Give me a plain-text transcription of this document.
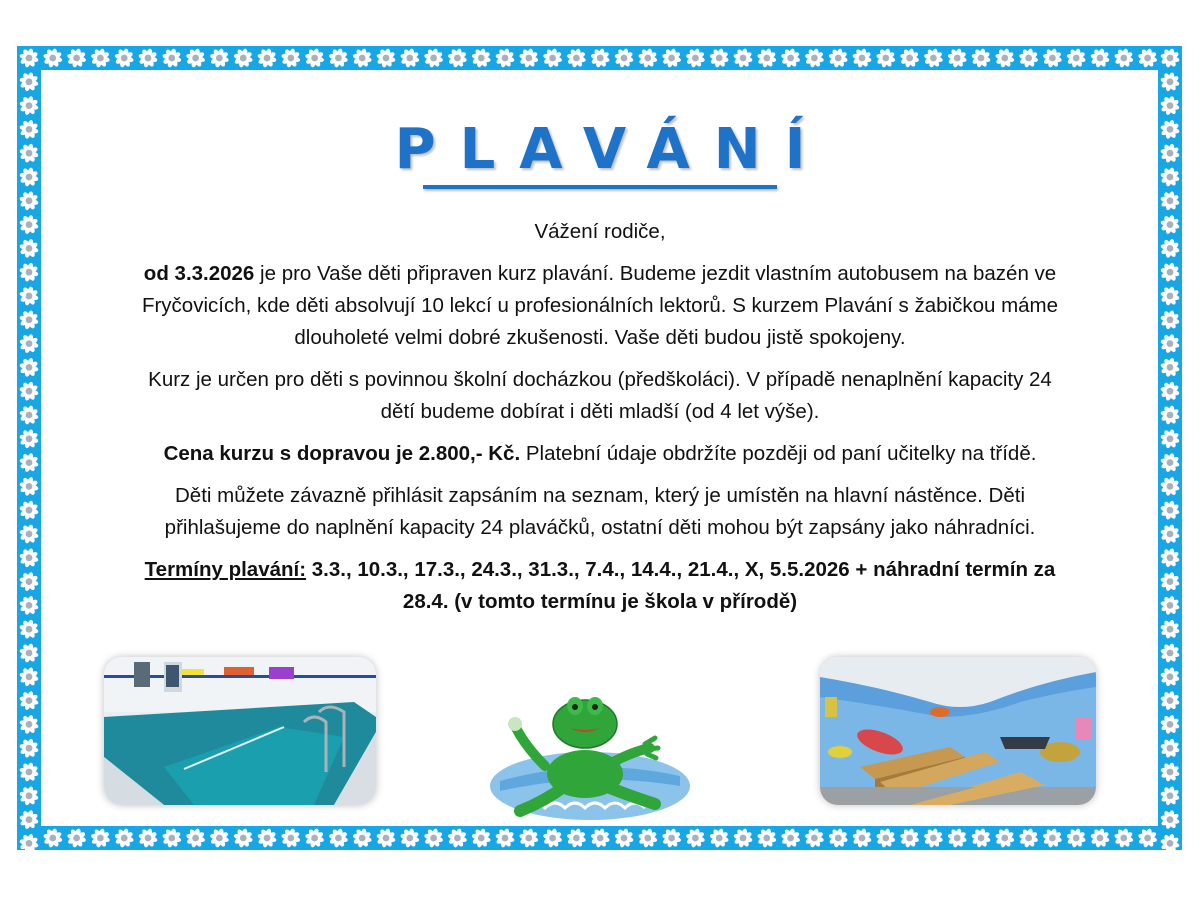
PLAVÁNÍ

Vážení rodiče,

od 3.3.2026 je pro Vaše děti připraven kurz plavání. Budeme jezdit vlastním autobusem na bazén ve
Fryčovicích, kde děti absolvují 10 lekcí u profesionálních lektorů. S kurzem Plavání s žabičkou máme
dlouholeté velmi dobré zkušenosti. Vaše děti budou jistě spokojeny.

Kurz je určen pro děti s povinnou školní docházkou (předškoláci). V případě nenaplnění kapacity 24
dětí budeme dobírat i děti mladší (od 4 let výše).

Cena kurzu s dopravou je 2.800,- Kč. Platební údaje obdržíte později od paní učitelky na třídě.

Děti můžete závazně přihlásit zapsáním na seznam, který je umístěn na hlavní nástěnce. Děti
přihlašujeme do naplnění kapacity 24 plaváčků, ostatní děti mohou být zapsány jako náhradníci.

Termíny plavání: 3.3., 10.3., 17.3., 24.3., 31.3., 7.4., 14.4., 21.4., X, 5.5.2026 + náhradní termín za
28.4. (v tomto termínu je škola v přírodě)
